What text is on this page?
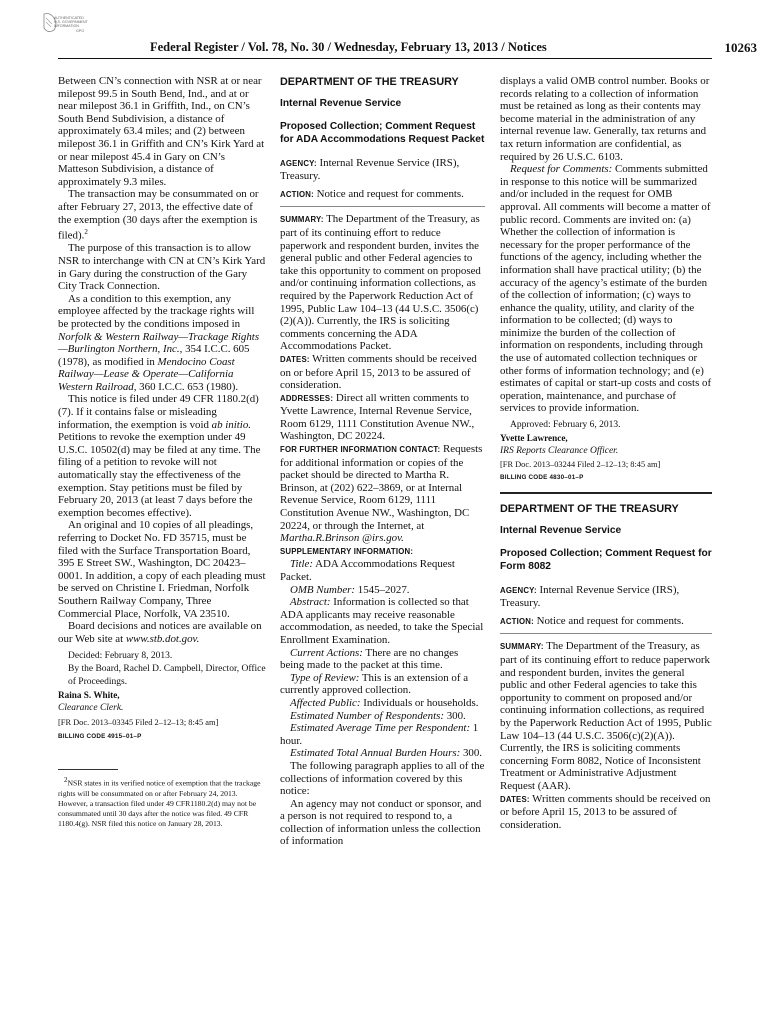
AUTHENTICATED
U.S. GOVERNMENT
INFORMATION
GPO
Federal Register / Vol. 78, No. 30 / Wednesday, February 13, 2013 / Notices	10263

Between CN’s connection with NSR at or near milepost 99.5 in South Bend, Ind., and at or near milepost 36.1 in Griffith, Ind., on CN’s South Bend Subdivision, a distance of approximately 63.4 miles; and (2) between milepost 36.1 in Griffith and CN’s Kirk Yard at or near milepost 45.4 in Gary on CN’s Matteson Subdivision, a distance of approximately 9.3 miles.

The transaction may be consummated on or after February 27, 2013, the effective date of the exemption (30 days after the exemption is filed).$^2$

The purpose of this transaction is to allow NSR to interchange with CN at CN’s Kirk Yard in Gary during the construction of the Gary City Track Connection.

As a condition to this exemption, any employee affected by the trackage rights will be protected by the conditions imposed in Norfolk & Western Railway—Trackage Rights—Burlington Northern, Inc., 354 I.C.C. 605 (1978), as modified in Mendocino Coast Railway—Lease & Operate—California Western Railroad, 360 I.C.C. 653 (1980).

This notice is filed under 49 CFR 1180.2(d)(7). If it contains false or misleading information, the exemption is void ab initio. Petitions to revoke the exemption under 49 U.S.C. 10502(d) may be filed at any time. The filing of a petition to revoke will not automatically stay the effectiveness of the exemption. Stay petitions must be filed by February 20, 2013 (at least 7 days before the exemption becomes effective).

An original and 10 copies of all pleadings, referring to Docket No. FD 35715, must be filed with the Surface Transportation Board, 395 E Street SW., Washington, DC 20423–0001. In addition, a copy of each pleading must be served on Christine I. Friedman, Norfolk Southern Railway Company, Three Commercial Place, Norfolk, VA 23510.

Board decisions and notices are available on our Web site at www.stb.dot.gov.

Decided: February 8, 2013.

By the Board, Rachel D. Campbell, Director, Office of Proceedings.

Raina S. White,

Clearance Clerk.

[FR Doc. 2013–03345 Filed 2–12–13; 8:45 am]

BILLING CODE 4915–01–P

$^2$NSR states in its verified notice of exemption that the trackage rights will be consummated on or after February 24, 2013. However, a transaction filed under 49 CFR1180.2(d) may not be consummated until 30 days after the notice was filed. 49 CFR 1180.4(g). NSR filed this notice on January 28, 2013.

DEPARTMENT OF THE TREASURY

Internal Revenue Service

Proposed Collection; Comment Request for ADA Accommodations Request Packet

AGENCY: Internal Revenue Service (IRS), Treasury.

ACTION: Notice and request for comments.

SUMMARY: The Department of the Treasury, as part of its continuing effort to reduce paperwork and respondent burden, invites the general public and other Federal agencies to take this opportunity to comment on proposed and/or continuing information collections, as required by the Paperwork Reduction Act of 1995, Public Law 104–13 (44 U.S.C. 3506(c)(2)(A)). Currently, the IRS is soliciting comments concerning the ADA Accommodations Packet.

DATES: Written comments should be received on or before April 15, 2013 to be assured of consideration.

ADDRESSES: Direct all written comments to Yvette Lawrence, Internal Revenue Service, Room 6129, 1111 Constitution Avenue NW., Washington, DC 20224.

FOR FURTHER INFORMATION CONTACT: Requests for additional information or copies of the packet should be directed to Martha R. Brinson, at (202) 622–3869, or at Internal Revenue Service, Room 6129, 1111 Constitution Avenue NW., Washington, DC 20224, or through the Internet, at Martha.R.Brinson @irs.gov.

SUPPLEMENTARY INFORMATION:

Title: ADA Accommodations Request Packet.

OMB Number: 1545–2027.

Abstract: Information is collected so that ADA applicants may receive reasonable accommodation, as needed, to take the Special Enrollment Examination.

Current Actions: There are no changes being made to the packet at this time.

Type of Review: This is an extension of a currently approved collection.

Affected Public: Individuals or households.

Estimated Number of Respondents: 300.

Estimated Average Time per Respondent: 1 hour.

Estimated Total Annual Burden Hours: 300.

The following paragraph applies to all of the collections of information covered by this notice:

An agency may not conduct or sponsor, and a person is not required to respond to, a collection of information unless the collection of information

displays a valid OMB control number. Books or records relating to a collection of information must be retained as long as their contents may become material in the administration of any internal revenue law. Generally, tax returns and tax return information are confidential, as required by 26 U.S.C. 6103.

Request for Comments: Comments submitted in response to this notice will be summarized and/or included in the request for OMB approval. All comments will become a matter of public record. Comments are invited on: (a) Whether the collection of information is necessary for the proper performance of the functions of the agency, including whether the information shall have practical utility; (b) the accuracy of the agency’s estimate of the burden of the collection of information; (c) ways to enhance the quality, utility, and clarity of the information to be collected; (d) ways to minimize the burden of the collection of information on respondents, including through the use of automated collection techniques or other forms of information technology; and (e) estimates of capital or start-up costs and costs of operation, maintenance, and purchase of services to provide information.

Approved: February 6, 2013.

Yvette Lawrence,

IRS Reports Clearance Officer.

[FR Doc. 2013–03244 Filed 2–12–13; 8:45 am]

BILLING CODE 4830–01–P

DEPARTMENT OF THE TREASURY

Internal Revenue Service

Proposed Collection; Comment Request for Form 8082

AGENCY: Internal Revenue Service (IRS), Treasury.

ACTION: Notice and request for comments.

SUMMARY: The Department of the Treasury, as part of its continuing effort to reduce paperwork and respondent burden, invites the general public and other Federal agencies to take this opportunity to comment on proposed and/or continuing information collections, as required by the Paperwork Reduction Act of 1995, Public Law 104–13 (44 U.S.C. 3506(c)(2)(A)). Currently, the IRS is soliciting comments concerning Form 8082, Notice of Inconsistent Treatment or Administrative Adjustment Request (AAR).

DATES: Written comments should be received on or before April 15, 2013 to be assured of consideration.
